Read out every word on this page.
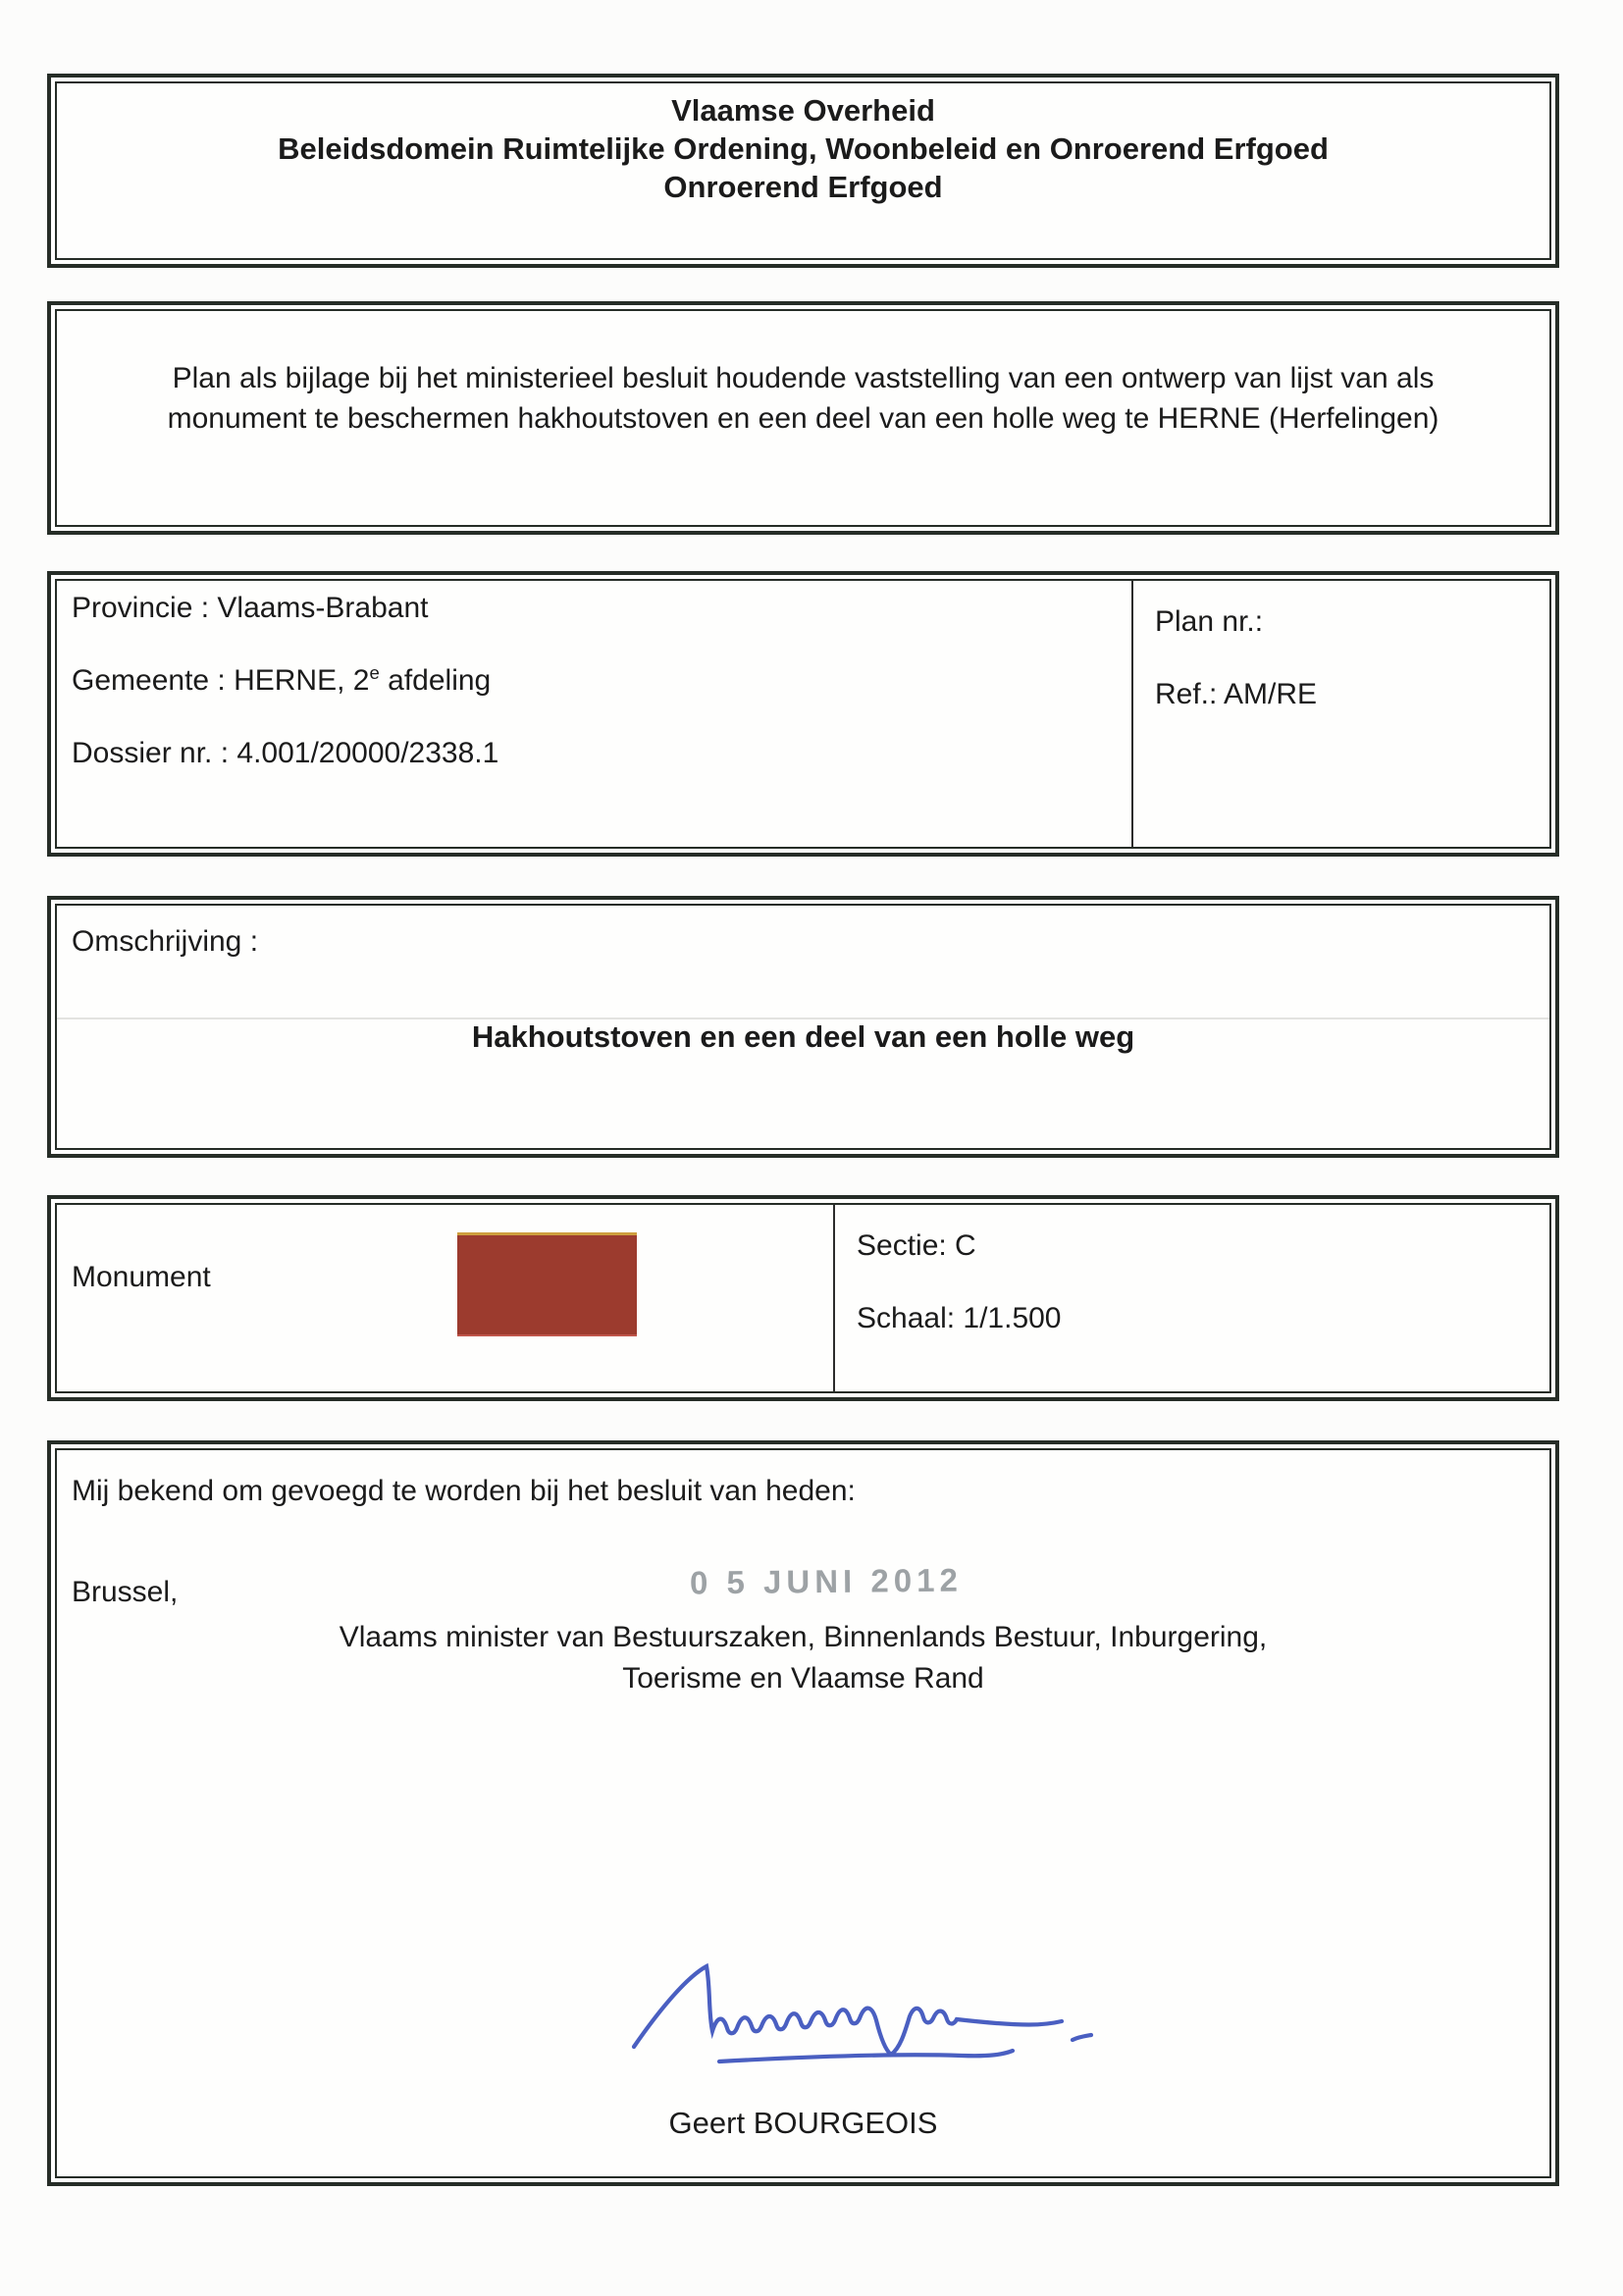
Vlaamse Overheid
Beleidsdomein Ruimtelijke Ordening, Woonbeleid en Onroerend Erfgoed
Onroerend Erfgoed
Plan als bijlage bij het ministerieel besluit houdende vaststelling van een ontwerp van lijst van als
monument te beschermen hakhoutstoven en een deel van een holle weg te HERNE (Herfelingen)
Provincie : Vlaams-Brabant
Gemeente : HERNE, 2e afdeling
Dossier nr. : 4.001/20000/2338.1
Plan nr.:
Ref.: AM/RE
Omschrijving :
Hakhoutstoven en een deel van een holle weg
Monument
Sectie: C
Schaal: 1/1.500
Mij bekend om gevoegd te worden bij het besluit van heden:
Brussel,	0 5 JUNI 2012
Vlaams minister van Bestuurszaken, Binnenlands Bestuur, Inburgering,
Toerisme en Vlaamse Rand
Geert BOURGEOIS
